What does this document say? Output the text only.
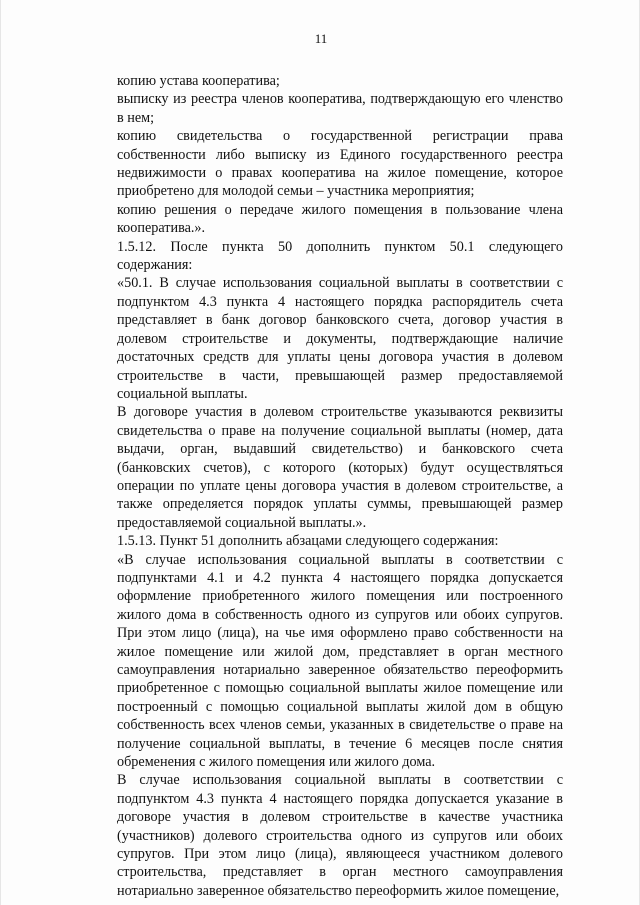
11

копию устава кооператива;

выписку из реестра членов кооператива, подтверждающую его членство в нем;

копию свидетельства о государственной регистрации права собственности либо выписку из Единого государственного реестра недвижимости о правах кооператива на жилое помещение, которое приобретено для молодой семьи – участника мероприятия;

копию решения о передаче жилого помещения в пользование члена кооператива.».

1.5.12. После пункта 50 дополнить пунктом 50.1 следующего содержания:

«50.1. В случае использования социальной выплаты в соответствии с подпунктом 4.3 пункта 4 настоящего порядка распорядитель счета представляет в банк договор банковского счета, договор участия в долевом строительстве и документы, подтверждающие наличие достаточных средств для уплаты цены договора участия в долевом строительстве в части, превышающей размер предоставляемой социальной выплаты.

В договоре участия в долевом строительстве указываются реквизиты свидетельства о праве на получение социальной выплаты (номер, дата выдачи, орган, выдавший свидетельство) и банковского счета (банковских счетов), с которого (которых) будут осуществляться операции по уплате цены договора участия в долевом строительстве, а также определяется порядок уплаты суммы, превышающей размер предоставляемой социальной выплаты.».

1.5.13. Пункт 51 дополнить абзацами следующего содержания:

«В случае использования социальной выплаты в соответствии с подпунктами 4.1 и 4.2 пункта 4 настоящего порядка допускается оформление приобретенного жилого помещения или построенного жилого дома в собственность одного из супругов или обоих супругов. При этом лицо (лица), на чье имя оформлено право собственности на жилое помещение или жилой дом, представляет в орган местного самоуправления нотариально заверенное обязательство переоформить приобретенное с помощью социальной выплаты жилое помещение или построенный с помощью социальной выплаты жилой дом в общую собственность всех членов семьи, указанных в свидетельстве о праве на получение социальной выплаты, в течение 6 месяцев после снятия обременения с жилого помещения или жилого дома.

В случае использования социальной выплаты в соответствии с подпунктом 4.3 пункта 4 настоящего порядка допускается указание в договоре участия в долевом строительстве в качестве участника (участников) долевого строительства одного из супругов или обоих супругов. При этом лицо (лица), являющееся участником долевого строительства, представляет в орган местного самоуправления нотариально заверенное обязательство переоформить жилое помещение,
